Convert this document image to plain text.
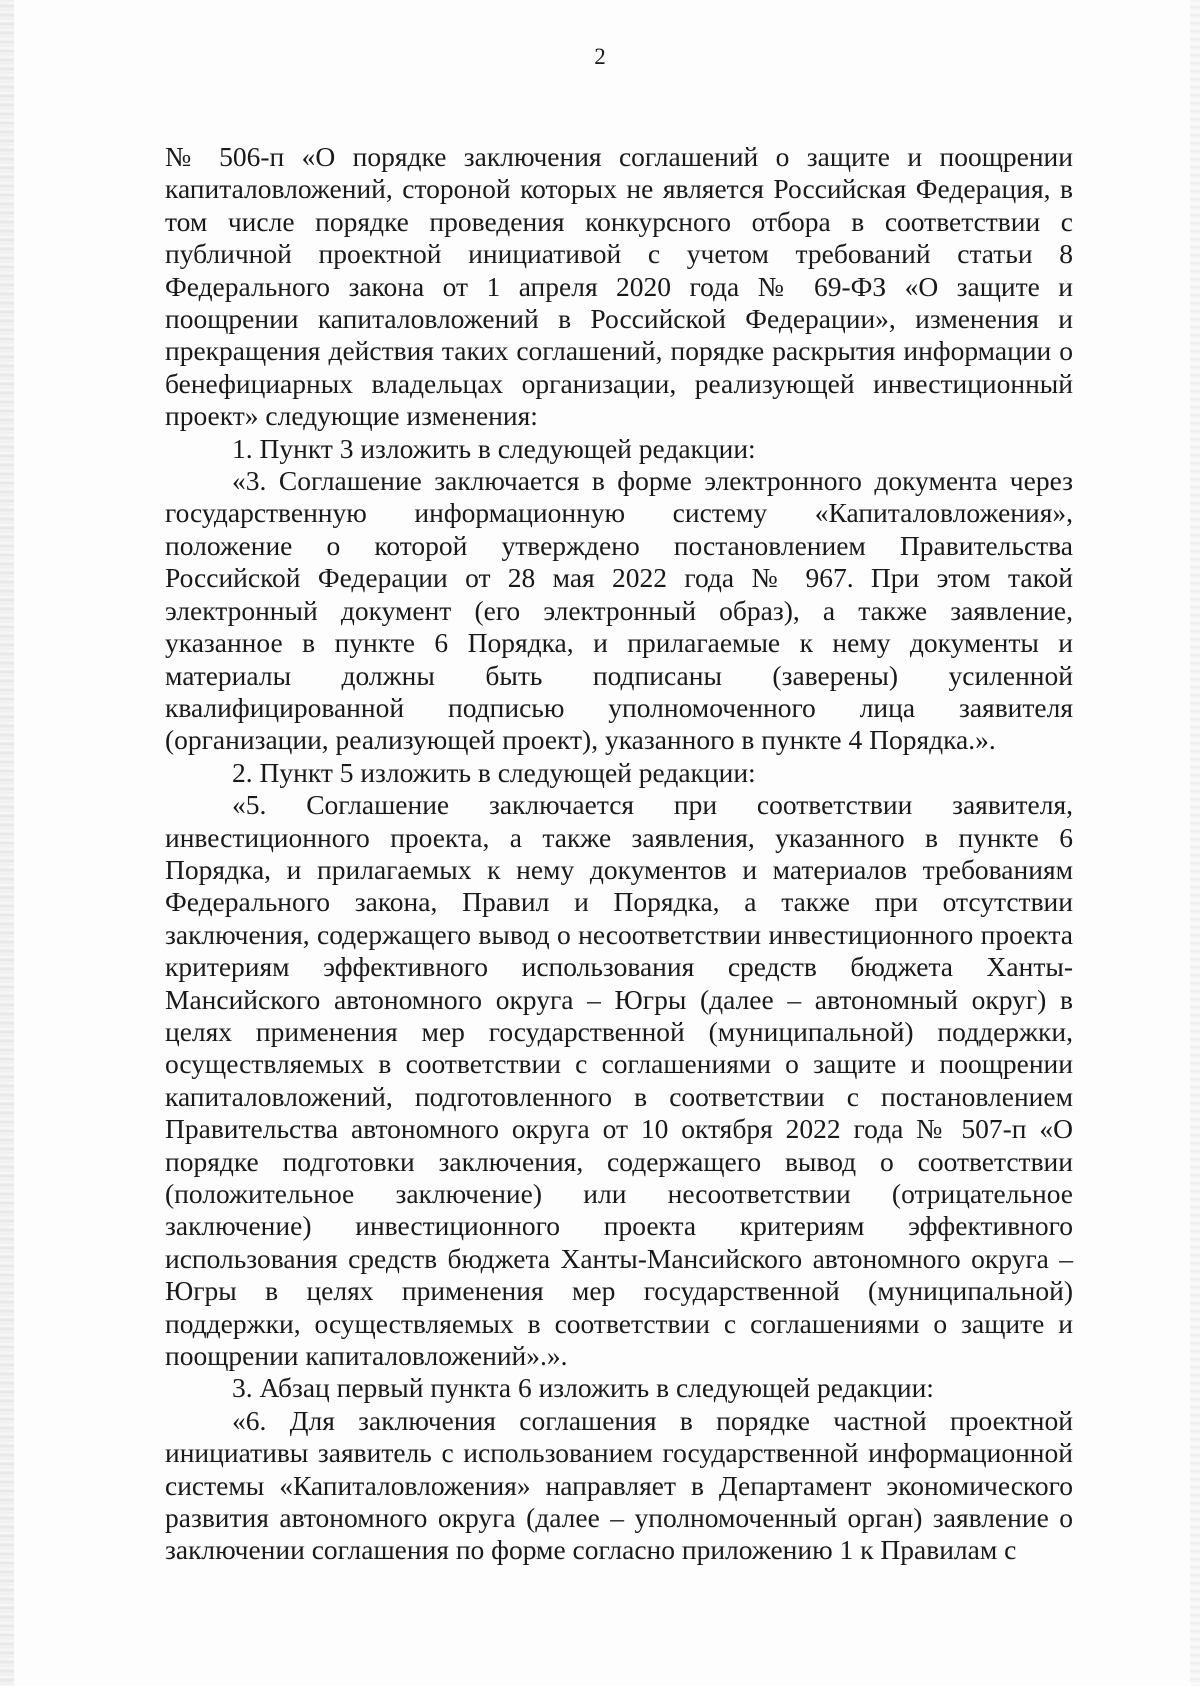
2

№ 506-п «О порядке заключения соглашений о защите и поощрении капиталовложений, стороной которых не является Российская Федерация, в том числе порядке проведения конкурсного отбора в соответствии с публичной проектной инициативой с учетом требований статьи 8 Федерального закона от 1 апреля 2020 года № 69-ФЗ «О защите и поощрении капиталовложений в Российской Федерации», изменения и прекращения действия таких соглашений, порядке раскрытия информации о бенефициарных владельцах организации, реализующей инвестиционный проект» следующие изменения:

1. Пункт 3 изложить в следующей редакции:

«3. Соглашение заключается в форме электронного документа через государственную информационную систему «Капиталовложения», положение о которой утверждено постановлением Правительства Российской Федерации от 28 мая 2022 года № 967. При этом такой электронный документ (его электронный образ), а также заявление, указанное в пункте 6 Порядка, и прилагаемые к нему документы и материалы должны быть подписаны (заверены) усиленной квалифицированной подписью уполномоченного лица заявителя (организации, реализующей проект), указанного в пункте 4 Порядка.».

2. Пункт 5 изложить в следующей редакции:

«5. Соглашение заключается при соответствии заявителя, инвестиционного проекта, а также заявления, указанного в пункте 6 Порядка, и прилагаемых к нему документов и материалов требованиям Федерального закона, Правил и Порядка, а также при отсутствии заключения, содержащего вывод о несоответствии инвестиционного проекта критериям эффективного использования средств бюджета Ханты-Мансийского автономного округа – Югры (далее – автономный округ) в целях применения мер государственной (муниципальной) поддержки, осуществляемых в соответствии с соглашениями о защите и поощрении капиталовложений, подготовленного в соответствии с постановлением Правительства автономного округа от 10 октября 2022 года № 507-п «О порядке подготовки заключения, содержащего вывод о соответствии (положительное заключение) или несоответствии (отрицательное заключение) инвестиционного проекта критериям эффективного использования средств бюджета Ханты-Мансийского автономного округа – Югры в целях применения мер государственной (муниципальной) поддержки, осуществляемых в соответствии с соглашениями о защите и поощрении капиталовложений».».

3. Абзац первый пункта 6 изложить в следующей редакции:

«6. Для заключения соглашения в порядке частной проектной инициативы заявитель с использованием государственной информационной системы «Капиталовложения» направляет в Департамент экономического развития автономного округа (далее – уполномоченный орган) заявление о заключении соглашения по форме согласно приложению 1 к Правилам с
